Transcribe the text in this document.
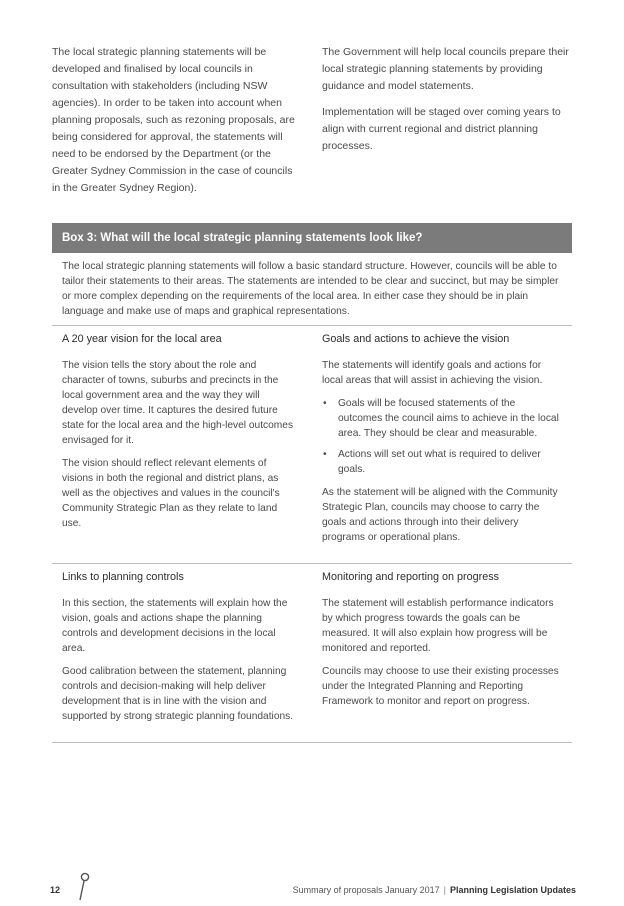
The local strategic planning statements will be developed and finalised by local councils in consultation with stakeholders (including NSW agencies). In order to be taken into account when planning proposals, such as rezoning proposals, are being considered for approval, the statements will need to be endorsed by the Department (or the Greater Sydney Commission in the case of councils in the Greater Sydney Region).

The Government will help local councils prepare their local strategic planning statements by providing guidance and model statements.

Implementation will be staged over coming years to align with current regional and district planning processes.

Box 3: What will the local strategic planning statements look like?
The local strategic planning statements will follow a basic standard structure. However, councils will be able to tailor their statements to their areas. The statements are intended to be clear and succinct, but may be simpler or more complex depending on the requirements of the local area. In either case they should be in plain language and make use of maps and graphical representations.
A 20 year vision for the local area

The vision tells the story about the role and character of towns, suburbs and precincts in the local government area and the way they will develop over time. It captures the desired future state for the local area and the high-level outcomes envisaged for it.

The vision should reflect relevant elements of visions in both the regional and district plans, as well as the objectives and values in the council's Community Strategic Plan as they relate to land use.

Goals and actions to achieve the vision

The statements will identify goals and actions for local areas that will assist in achieving the vision.

• Goals will be focused statements of the outcomes the council aims to achieve in the local area. They should be clear and measurable.
• Actions will set out what is required to deliver goals.

As the statement will be aligned with the Community Strategic Plan, councils may choose to carry the goals and actions through into their delivery programs or operational plans.

Links to planning controls

In this section, the statements will explain how the vision, goals and actions shape the planning controls and development decisions in the local area.

Good calibration between the statement, planning controls and decision-making will help deliver development that is in line with the vision and supported by strong strategic planning foundations.

Monitoring and reporting on progress

The statement will establish performance indicators by which progress towards the goals can be measured. It will also explain how progress will be monitored and reported.

Councils may choose to use their existing processes under the Integrated Planning and Reporting Framework to monitor and report on progress.

12	Summary of proposals January 2017 | Planning Legislation Updates
